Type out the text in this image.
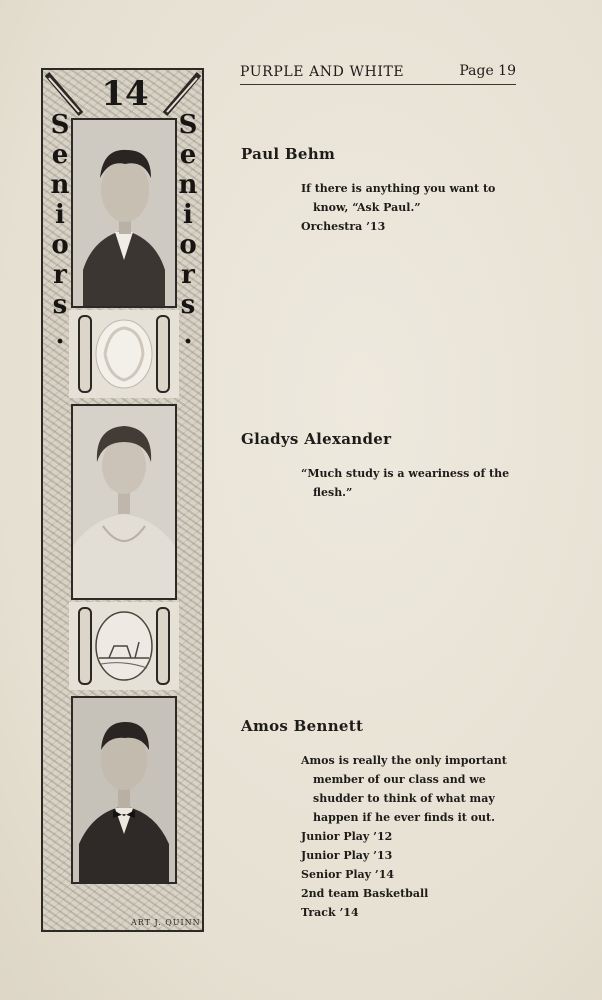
PURPLE AND WHITE	Page 19
14
S
e
n
i
o
r
s
.
S
e
n
i
o
r
s
.
ART J. QUINN
Paul Behm
If there is anything you want to
know, “Ask Paul.”
Orchestra ’13
Gladys Alexander
“Much study is a weariness of the
flesh.”
Amos Bennett
Amos is really the only important
member of our class and we
shudder to think of what may
happen if he ever finds it out.
Junior Play ’12
Junior Play ’13
Senior Play ’14
2nd team Basketball
Track ’14
